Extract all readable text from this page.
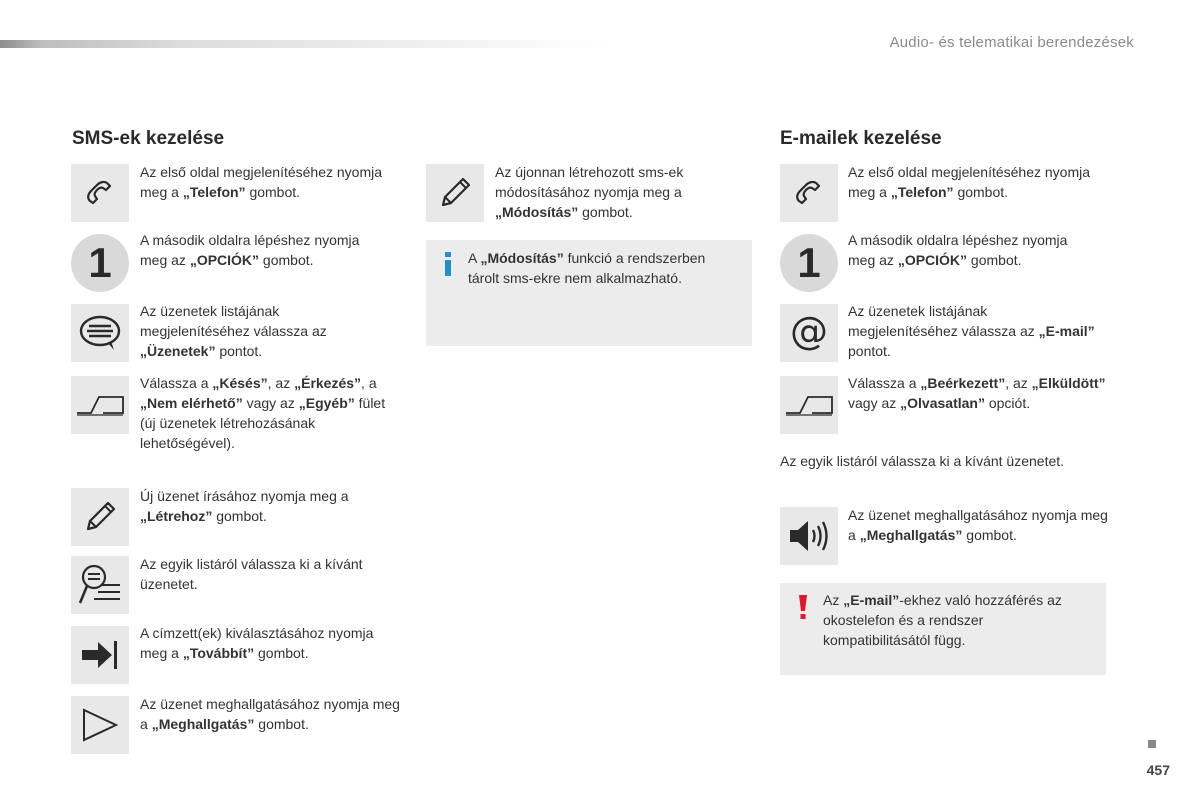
Audio- és telematikai berendezések
SMS-ek kezelése
Az első oldal megjelenítéséhez nyomja meg a „Telefon” gombot.
1	A második oldalra lépéshez nyomja meg az „OPCIÓK” gombot.
Az üzenetek listájának megjelenítéséhez válassza az „Üzenetek” pontot.
Válassza a „Késés”, az „Érkezés”, a „Nem elérhető” vagy az „Egyéb” fület (új üzenetek létrehozásának lehetőségével).
Új üzenet írásához nyomja meg a „Létrehoz” gombot.
Az egyik listáról válassza ki a kívánt üzenetet.
A címzett(ek) kiválasztásához nyomja meg a „Továbbít” gombot.
Az üzenet meghallgatásához nyomja meg a „Meghallgatás” gombot.
Az újonnan létrehozott sms-ek módosításához nyomja meg a „Módosítás” gombot.
A „Módosítás” funkció a rendszerben tárolt sms-ekre nem alkalmazható.
E-mailek kezelése
Az első oldal megjelenítéséhez nyomja meg a „Telefon” gombot.
1	A második oldalra lépéshez nyomja meg az „OPCIÓK” gombot.
@ Az üzenetek listájának megjelenítéséhez válassza az „E-mail” pontot.
Válassza a „Beérkezett”, az „Elküldött” vagy az „Olvasatlan” opciót.
Az egyik listáról válassza ki a kívánt üzenetet.
Az üzenet meghallgatásához nyomja meg a „Meghallgatás” gombot.
Az „E-mail”-ekhez való hozzáférés az okostelefon és a rendszer kompatibilitásától függ.
457
